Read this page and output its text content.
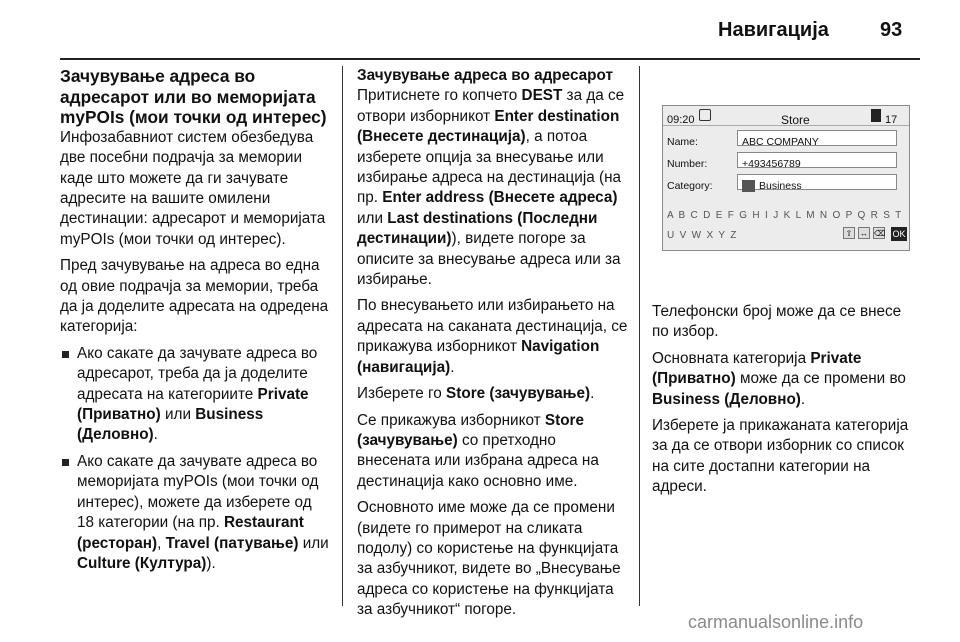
Навигација	93
Зачувување адреса во адресарот или во меморијата myPOIs (мои точки од интерес)

Инфозабавниот систем обезбедува две посебни подрачја за мемории каде што можете да ги зачувате адресите на вашите омилени дестинации: адресарот и меморијата myPOIs (мои точки од интерес).

Пред зачувување на адреса во една од овие подрачја за мемории, треба да ја доделите адресата на одредена категорија:

Ако сакате да зачувате адреса во адресарот, треба да ја доделите адресата на категориите Private (Приватно) или Business (Деловно).
Ако сакате да зачувате адреса во меморијата myPOIs (мои точки од интерес), можете да изберете од 18 категории (на пр. Restaurant (ресторан), Travel (патување) или Culture (Култура)).

Зачувување адреса во адресарот

Притиснете го копчето DEST за да се отвори изборникот Enter destination (Внесете дестинација), а потоа изберете опција за внесување или избирање адреса на дестинација (на пр. Enter address (Внесете адреса) или Last destinations (Последни дестинации)), видете погоре за описите за внесување адреса или за избирање.

По внесувањето или избирањето на адресата на саканата дестинација, се прикажува изборникот Navigation (навигација).

Изберете го Store (зачувување).

Се прикажува изборникот Store (зачувување) со претходно внесената или избрана адреса на дестинација како основно име.

Основното име може да се промени (видете го примерот на сликата подолу) со користење на функцијата за азбучникот, видете во „Внесување адреса со користење на функцијата за азбучникот“ погоре.

09:20	Store	17
Name:	ABC COMPANY
Number:	+493456789
Category:	Business
A B C D E F G H I J K L M N O P Q R S T U V W X Y Z	⇧ ↔ ⌫ OK

Телефонски број може да се внесе по избор.

Основната категорија Private (Приватно) може да се промени во Business (Деловно).

Изберете ја прикажаната категорија за да се отвори изборник со список на сите достапни категории на адреси.

carmanualsonline.info
